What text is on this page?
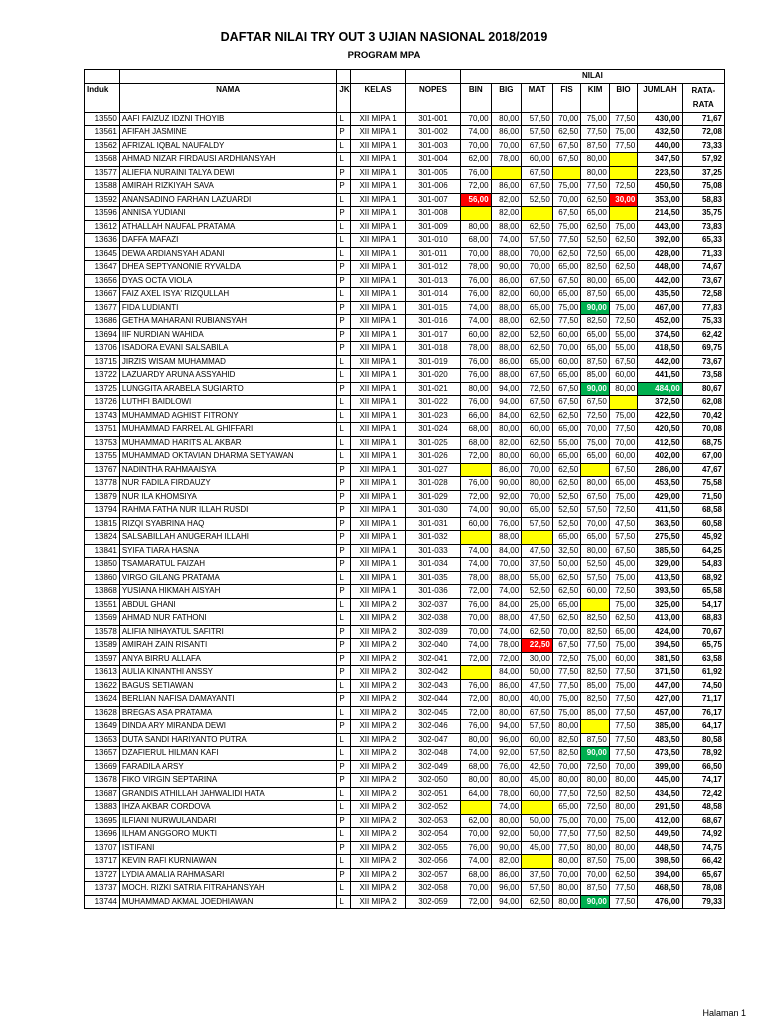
DAFTAR NILAI TRY OUT 3 UJIAN NASIONAL 2018/2019
PROGRAM MPA
					NILAI							
Induk	NAMA	JK	KELAS	NOPES	BIN	BIG	MAT	FIS	KIM	BIO	JUMLAH	RATA-RATA
13550	AAFI FAIZUZ IDZNI THOYIB	L	XII MIPA 1	301-001	70,00	80,00	57,50	70,00	75,00	77,50	430,00	71,67
13561	AFIFAH JASMINE	P	XII MIPA 1	301-002	74,00	86,00	57,50	62,50	77,50	75,00	432,50	72,08
13562	AFRIZAL IQBAL NAUFALDY	L	XII MIPA 1	301-003	70,00	70,00	67,50	67,50	87,50	77,50	440,00	73,33
13568	AHMAD NIZAR FIRDAUSI ARDHIANSYAH	L	XII MIPA 1	301-004	62,00	78,00	60,00	67,50	80,00		347,50	57,92
13577	ALIEFIA NURAINI TALYA DEWI	P	XII MIPA 1	301-005	76,00		67,50		80,00		223,50	37,25
13588	AMIRAH RIZKIYAH SAVA	P	XII MIPA 1	301-006	72,00	86,00	67,50	75,00	77,50	72,50	450,50	75,08
13592	ANANSADINO FARHAN LAZUARDI	L	XII MIPA 1	301-007	56,00	82,00	52,50	70,00	62,50	30,00	353,00	58,83
13596	ANNISA YUDIANI	P	XII MIPA 1	301-008		82,00		67,50	65,00		214,50	35,75
13612	ATHALLAH NAUFAL PRATAMA	L	XII MIPA 1	301-009	80,00	88,00	62,50	75,00	62,50	75,00	443,00	73,83
13636	DAFFA MAFAZI	L	XII MIPA 1	301-010	68,00	74,00	57,50	77,50	52,50	62,50	392,00	65,33
13645	DEWA ARDIANSYAH ADANI	L	XII MIPA 1	301-011	70,00	88,00	70,00	62,50	72,50	65,00	428,00	71,33
13647	DHEA SEPTYANONIE RYVALDA	P	XII MIPA 1	301-012	78,00	90,00	70,00	65,00	82,50	62,50	448,00	74,67
13656	DYAS OCTA VIOLA	P	XII MIPA 1	301-013	76,00	86,00	67,50	67,50	80,00	65,00	442,00	73,67
13667	FAIZ AXEL ISYA' RIZQULLAH	L	XII MIPA 1	301-014	76,00	82,00	60,00	65,00	87,50	65,00	435,50	72,58
13677	FIDA LUDIANTI	P	XII MIPA 1	301-015	74,00	88,00	65,00	75,00	90,00	75,00	467,00	77,83
13686	GETHA MAHARANI RUBIANSYAH	P	XII MIPA 1	301-016	74,00	88,00	62,50	77,50	82,50	72,50	452,00	75,33
13694	IIF NURDIAN WAHIDA	P	XII MIPA 1	301-017	60,00	82,00	52,50	60,00	65,00	55,00	374,50	62,42
13706	ISADORA EVANI SALSABILA	P	XII MIPA 1	301-018	78,00	88,00	62,50	70,00	65,00	55,00	418,50	69,75
13715	JIRZIS WISAM MUHAMMAD	L	XII MIPA 1	301-019	76,00	86,00	65,00	60,00	87,50	67,50	442,00	73,67
13722	LAZUARDY ARUNA ASSYAHID	L	XII MIPA 1	301-020	76,00	88,00	67,50	65,00	85,00	60,00	441,50	73,58
13725	LUNGGITA ARABELA SUGIARTO	P	XII MIPA 1	301-021	80,00	94,00	72,50	67,50	90,00	80,00	484,00	80,67
13726	LUTHFI BAIDLOWI	L	XII MIPA 1	301-022	76,00	94,00	67,50	67,50	67,50		372,50	62,08
13743	MUHAMMAD AGHIST FITRONY	L	XII MIPA 1	301-023	66,00	84,00	62,50	62,50	72,50	75,00	422,50	70,42
13751	MUHAMMAD FARREL AL GHIFFARI	L	XII MIPA 1	301-024	68,00	80,00	60,00	65,00	70,00	77,50	420,50	70,08
13753	MUHAMMAD HARITS AL AKBAR	L	XII MIPA 1	301-025	68,00	82,00	62,50	55,00	75,00	70,00	412,50	68,75
13755	MUHAMMAD OKTAVIAN DHARMA SETYAWAN	L	XII MIPA 1	301-026	72,00	80,00	60,00	65,00	65,00	60,00	402,00	67,00
13767	NADINTHA RAHMAAISYA	P	XII MIPA 1	301-027		86,00	70,00	62,50		67,50	286,00	47,67
13778	NUR FADILA FIRDAUZY	P	XII MIPA 1	301-028	76,00	90,00	80,00	62,50	80,00	65,00	453,50	75,58
13879	NUR ILA KHOMSIYA	P	XII MIPA 1	301-029	72,00	92,00	70,00	52,50	67,50	75,00	429,00	71,50
13794	RAHMA FATHA NUR ILLAH RUSDI	P	XII MIPA 1	301-030	74,00	90,00	65,00	52,50	57,50	72,50	411,50	68,58
13815	RIZQI SYABRINA HAQ	P	XII MIPA 1	301-031	60,00	76,00	57,50	52,50	70,00	47,50	363,50	60,58
13824	SALSABILLAH ANUGERAH ILLAHI	P	XII MIPA 1	301-032		88,00		65,00	65,00	57,50	275,50	45,92
13841	SYIFA TIARA HASNA	P	XII MIPA 1	301-033	74,00	84,00	47,50	32,50	80,00	67,50	385,50	64,25
13850	TSAMARATUL FAIZAH	P	XII MIPA 1	301-034	74,00	70,00	37,50	50,00	52,50	45,00	329,00	54,83
13860	VIRGO GILANG PRATAMA	L	XII MIPA 1	301-035	78,00	88,00	55,00	62,50	57,50	75,00	413,50	68,92
13868	YUSIANA HIKMAH AISYAH	P	XII MIPA 1	301-036	72,00	74,00	52,50	62,50	60,00	72,50	393,50	65,58
13551	ABDUL GHANI	L	XII MIPA 2	302-037	76,00	84,00	25,00	65,00		75,00	325,00	54,17
13569	AHMAD NUR FATHONI	L	XII MIPA 2	302-038	70,00	88,00	47,50	62,50	82,50	62,50	413,00	68,83
13578	ALIFIA NIHAYATUL SAFITRI	P	XII MIPA 2	302-039	70,00	74,00	62,50	70,00	82,50	65,00	424,00	70,67
13589	AMIRAH ZAIN RISANTI	P	XII MIPA 2	302-040	74,00	78,00	22,50	67,50	77,50	75,00	394,50	65,75
13597	ANYA BIRRU ALLAFA	P	XII MIPA 2	302-041	72,00	72,00	30,00	72,50	75,00	60,00	381,50	63,58
13613	AULIA KINANTHI ANSSY	P	XII MIPA 2	302-042		84,00	50,00	77,50	82,50	77,50	371,50	61,92
13622	BAGUS SETIAWAN	L	XII MIPA 2	302-043	76,00	86,00	47,50	77,50	85,00	75,00	447,00	74,50
13624	BERLIAN NAFISA DAMAYANTI	P	XII MIPA 2	302-044	72,00	80,00	40,00	75,00	82,50	77,50	427,00	71,17
13628	BREGAS ASA PRATAMA	L	XII MIPA 2	302-045	72,00	80,00	67,50	75,00	85,00	77,50	457,00	76,17
13649	DINDA ARY MIRANDA DEWI	P	XII MIPA 2	302-046	76,00	94,00	57,50	80,00		77,50	385,00	64,17
13653	DUTA SANDI HARIYANTO PUTRA	L	XII MIPA 2	302-047	80,00	96,00	60,00	82,50	87,50	77,50	483,50	80,58
13657	DZAFIERUL HILMAN KAFI	L	XII MIPA 2	302-048	74,00	92,00	57,50	82,50	90,00	77,50	473,50	78,92
13669	FARADILA ARSY	P	XII MIPA 2	302-049	68,00	76,00	42,50	70,00	72,50	70,00	399,00	66,50
13678	FIKO VIRGIN SEPTARINA	P	XII MIPA 2	302-050	80,00	80,00	45,00	80,00	80,00	80,00	445,00	74,17
13687	GRANDIS ATHILLAH JAHWALIDI HATA	L	XII MIPA 2	302-051	64,00	78,00	60,00	77,50	72,50	82,50	434,50	72,42
13883	IHZA AKBAR CORDOVA	L	XII MIPA 2	302-052		74,00		65,00	72,50	80,00	291,50	48,58
13695	ILFIANI NURWULANDARI	P	XII MIPA 2	302-053	62,00	80,00	50,00	75,00	70,00	75,00	412,00	68,67
13696	ILHAM ANGGORO MUKTI	L	XII MIPA 2	302-054	70,00	92,00	50,00	77,50	77,50	82,50	449,50	74,92
13707	ISTIFANI	P	XII MIPA 2	302-055	76,00	90,00	45,00	77,50	80,00	80,00	448,50	74,75
13717	KEVIN RAFI KURNIAWAN	L	XII MIPA 2	302-056	74,00	82,00		80,00	87,50	75,00	398,50	66,42
13727	LYDIA AMALIA RAHMASARI	P	XII MIPA 2	302-057	68,00	86,00	37,50	70,00	70,00	62,50	394,00	65,67
13737	MOCH. RIZKI SATRIA FITRAHANSYAH	L	XII MIPA 2	302-058	70,00	96,00	57,50	80,00	87,50	77,50	468,50	78,08
13744	MUHAMMAD AKMAL JOEDHIAWAN	L	XII MIPA 2	302-059	72,00	94,00	62,50	80,00	90,00	77,50	476,00	79,33
Halaman 1
